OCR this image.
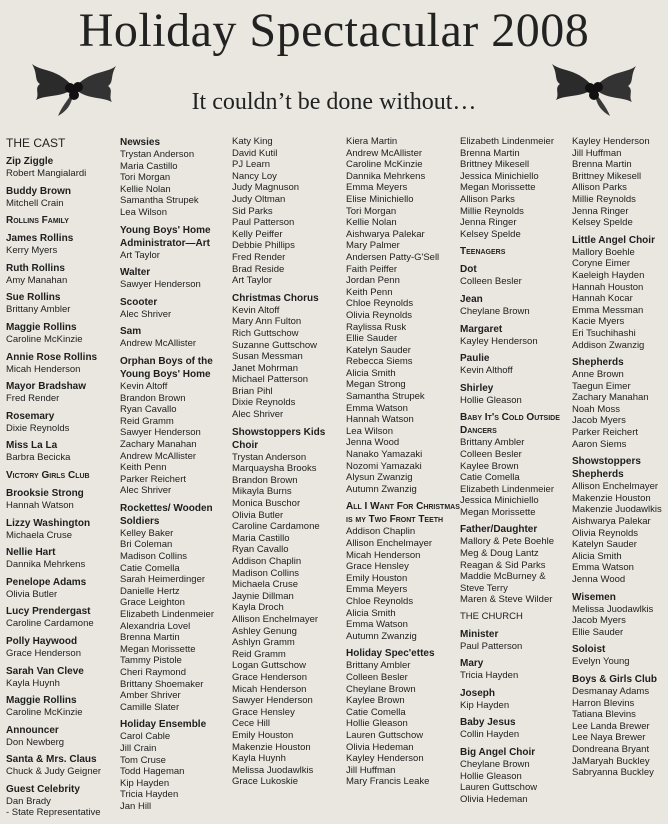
Holiday Spectacular 2008
It couldn’t be done without…
THE CAST
Zip Ziggle
Robert Mangialardi
Buddy Brown
Mitchell Crain
Rollins Family
James Rollins
Kerry Myers
Ruth Rollins
Amy Manahan
Sue Rollins
Brittany Ambler
Maggie Rollins
Caroline McKinzie
Annie Rose Rollins
Micah Henderson
Mayor Bradshaw
Fred Render
Rosemary
Dixie Reynolds
Miss La La
Barbra Becicka
Victory Girls Club
Brooksie Strong
Hannah Watson
Lizzy Washington
Michaela Cruse
Nellie Hart
Dannika Mehrkens
Penelope Adams
Olivia Butler
Lucy Prendergast
Caroline Cardamone
Polly Haywood
Grace Henderson
Sarah Van Cleve
Kayla Huynh
Maggie Rollins
Caroline McKinzie
Announcer
Don Newberg
Santa & Mrs. Claus
Chuck & Judy Geigner
Guest Celebrity
Dan Brady
- State Representative
Newsies
Trystan Anderson
Maria Castillo
Tori Morgan
Kellie Nolan
Samantha Strupek
Lea Wilson
Young Boys' Home Administrator—Art
Art Taylor
Walter
Sawyer Henderson
Scooter
Alec Shriver
Sam
Andrew McAllister
Orphan Boys of the Young Boys' Home
Kevin Altoff
Brandon Brown
Ryan Cavallo
Reid Gramm
Sawyer Henderson
Zachary Manahan
Andrew McAllister
Keith Penn
Parker Reichert
Alec Shriver
Rockettes/ Wooden Soldiers
Kelley Baker
Bri Coleman
Madison Collins
Catie Comella
Sarah Heimerdinger
Danielle Hertz
Grace Leighton
Elizabeth Lindenmeier
Alexandria Lovel
Brenna Martin
Megan Morissette
Tammy Pistole
Cheri Raymond
Brittany Shoemaker
Amber Shriver
Camille Slater
Holiday Ensemble
Carol Cable
Jill Crain
Tom Cruse
Todd Hageman
Kip Hayden
Tricia Hayden
Jan Hill
Katy King
David Kutil
PJ Learn
Nancy Loy
Judy Magnuson
Judy Oltman
Sid Parks
Paul Patterson
Kelly Peiffer
Debbie Phillips
Fred Render
Brad Reside
Art Taylor
Christmas Chorus
Kevin Altoff
Mary Ann Fulton
Rich Guttschow
Suzanne Guttschow
Susan Messman
Janet Mohrman
Michael Patterson
Brian Pihl
Dixie Reynolds
Alec Shriver
Showstoppers Kids Choir
Trystan Anderson
Marquaysha Brooks
Brandon Brown
Mikayla Burns
Monica Buschor
Olivia Butler
Caroline Cardamone
Maria Castillo
Ryan Cavallo
Addison Chaplin
Madison Collins
Michaela Cruse
Jaynie Dillman
Kayla Droch
Allison Enchelmayer
Ashley Genung
Ashlyn Gramm
Reid Gramm
Logan Guttschow
Grace Henderson
Micah Henderson
Sawyer Henderson
Grace Hensley
Cece Hill
Emily Houston
Makenzie Houston
Kayla Huynh
Melissa Juodawlkis
Grace Lukoskie
Kiera Martin
Andrew McAllister
Caroline McKinzie
Dannika Mehrkens
Emma Meyers
Elise Minichiello
Tori Morgan
Kellie Nolan
Aishwarya Palekar
Mary Palmer
Andersen Patty-G'Sell
Faith Peiffer
Jordan Penn
Keith Penn
Chloe Reynolds
Olivia Reynolds
Raylissa Rusk
Ellie Sauder
Katelyn Sauder
Rebecca Siems
Alicia Smith
Megan Strong
Samantha Strupek
Emma Watson
Hannah Watson
Lea Wilson
Jenna Wood
Nanako Yamazaki
Nozomi Yamazaki
Alysun Zwanzig
Autumn Zwanzig
All I Want For Christmas is my Two Front Teeth
Addison Chaplin
Allison Enchelmayer
Micah Henderson
Grace Hensley
Emily Houston
Emma Meyers
Chloe Reynolds
Alicia Smith
Emma Watson
Autumn Zwanzig
Holiday Spec'ettes
Brittany Ambler
Colleen Besler
Cheylane Brown
Kaylee Brown
Catie Comella
Hollie Gleason
Lauren Guttschow
Olivia Hedeman
Kayley Henderson
Jill Huffman
Mary Francis Leake
Elizabeth Lindenmeier
Brenna Martin
Brittney Mikesell
Jessica Minichiello
Megan Morissette
Allison Parks
Millie Reynolds
Jenna Ringer
Kelsey Spelde
Teenagers
Dot
Colleen Besler
Jean
Cheylane Brown
Margaret
Kayley Henderson
Paulie
Kevin Althoff
Shirley
Hollie Gleason
Baby It's Cold Outside Dancers
Brittany Ambler
Colleen Besler
Kaylee Brown
Catie Comella
Elizabeth Lindenmeier
Jessica Minichiello
Megan Morissette
Father/Daughter
Mallory & Pete Boehle
Meg & Doug Lantz
Reagan & Sid Parks
Maddie McBurney &
Steve Terry
Maren & Steve Wilder
THE CHURCH
Minister
Paul Patterson
Mary
Tricia Hayden
Joseph
Kip Hayden
Baby Jesus
Collin Hayden
Big Angel Choir
Cheylane Brown
Hollie Gleason
Lauren Guttschow
Olivia Hedeman
Kayley Henderson
Jill Huffman
Brenna Martin
Brittney Mikesell
Allison Parks
Millie Reynolds
Jenna Ringer
Kelsey Spelde
Little Angel Choir
Mallory Boehle
Coryne Eimer
Kaeleigh Hayden
Hannah Houston
Hannah Kocar
Emma Messman
Kacie Myers
Eri Tsuchihashi
Addison Zwanzig
Shepherds
Anne Brown
Taegun Eimer
Zachary Manahan
Noah Moss
Jacob Myers
Parker Reichert
Aaron Siems
Showstoppers Shepherds
Allison Enchelmayer
Makenzie Houston
Makenzie Juodawlkis
Aishwarya Palekar
Olivia Reynolds
Katelyn Sauder
Alicia Smith
Emma Watson
Jenna Wood
Wisemen
Melissa Juodawlkis
Jacob Myers
Ellie Sauder
Soloist
Evelyn Young
Boys & Girls Club
Desmanay Adams
Harron Blevins
Tatiana Blevins
Lee Landa Brewer
Lee Naya Brewer
Dondreana Bryant
JaMaryah Buckley
Sabryanna Buckley
